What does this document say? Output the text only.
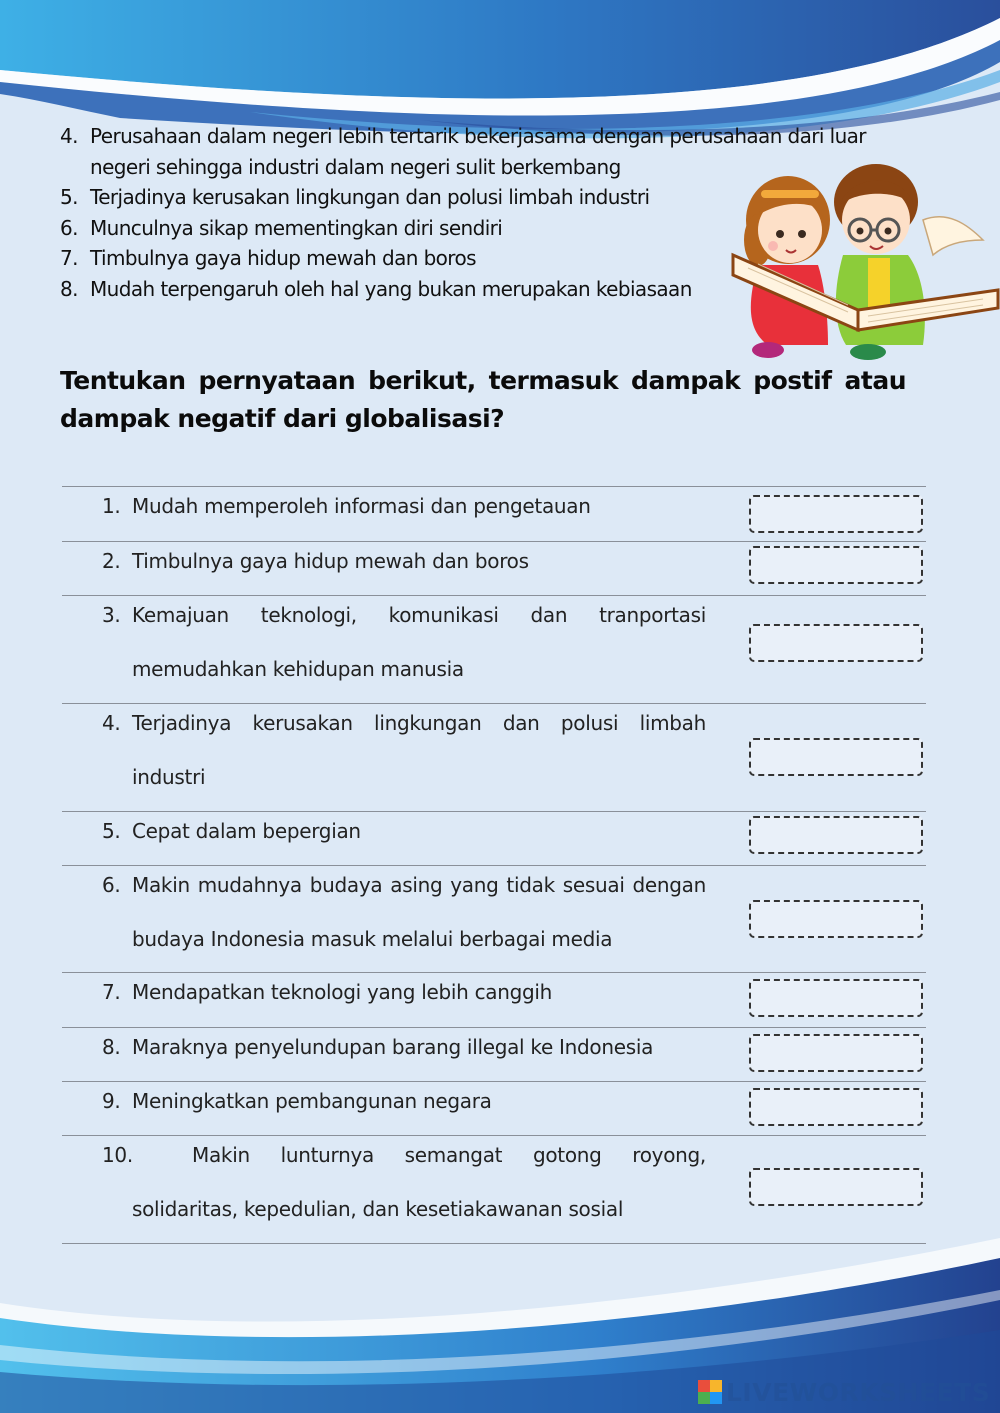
4. Perusahaan dalam negeri lebih tertarik bekerjasama dengan perusahaan dari luar negeri sehingga industri dalam negeri sulit berkembang
5. Terjadinya kerusakan lingkungan dan polusi limbah industri
6. Munculnya sikap mementingkan diri sendiri
7. Timbulnya gaya hidup mewah dan boros
8. Mudah terpengaruh oleh hal yang bukan merupakan kebiasaan

Tentukan pernyataan berikut, termasuk dampak postif atau dampak negatif dari globalisasi?

1. Mudah memperoleh informasi dan pengetauan
2. Timbulnya gaya hidup mewah dan boros
3. Kemajuan teknologi, komunikasi dan tranportasi memudahkan kehidupan manusia
4. Terjadinya kerusakan lingkungan dan polusi limbah industri
5. Cepat dalam bepergian
6. Makin mudahnya budaya asing yang tidak sesuai dengan budaya Indonesia masuk melalui berbagai media
7. Mendapatkan teknologi yang lebih canggih
8. Maraknya penyelundupan barang illegal ke Indonesia
9. Meningkatkan pembangunan negara
10.	Makin lunturnya semangat gotong royong, solidaritas, kepedulian, dan kesetiakawanan sosial
LIVEWORKSHEETS
